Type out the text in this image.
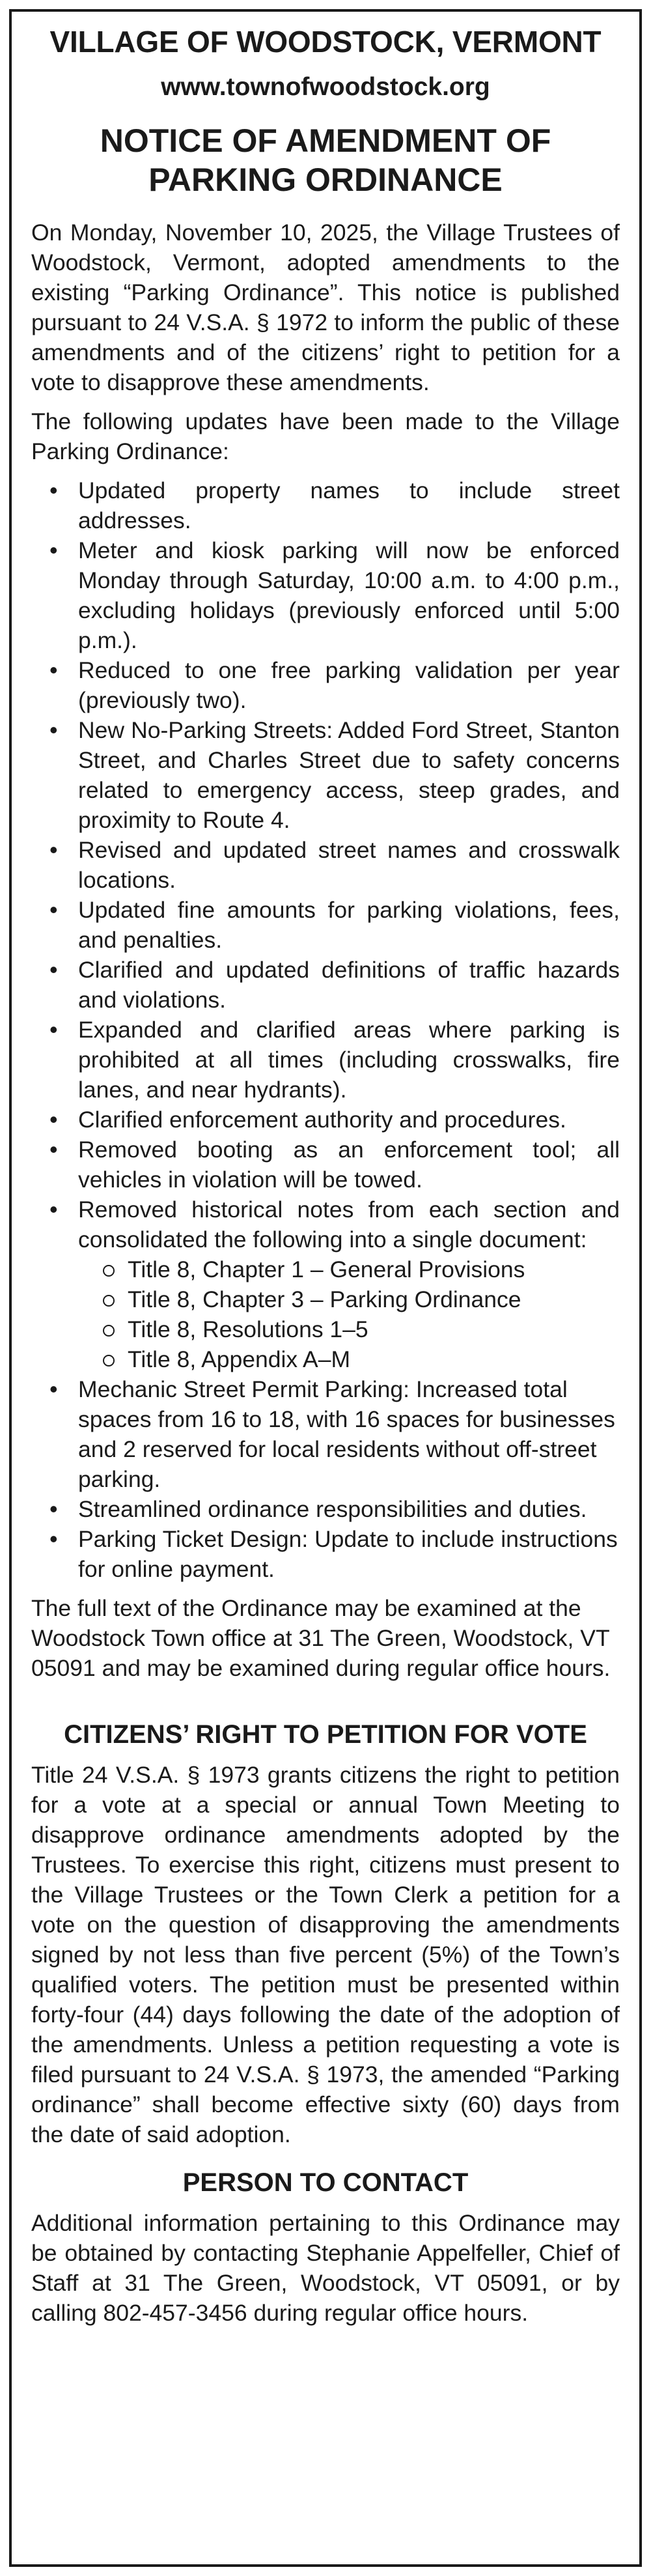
VILLAGE OF WOODSTOCK, VERMONT
www.townofwoodstock.org
NOTICE OF AMENDMENT OF
PARKING ORDINANCE

On Monday, November 10, 2025, the Village Trustees of Woodstock, Vermont, adopted amendments to the existing “Parking Ordinance”. This notice is published pursuant to 24 V.S.A. § 1972 to inform the public of these amendments and of the citizens’ right to petition for a vote to disapprove these amendments.

The following updates have been made to the Village Parking Ordinance:

• Updated property names to include street addresses.
• Meter and kiosk parking will now be enforced Monday through Saturday, 10:00 a.m. to 4:00 p.m., excluding holidays (previously enforced until 5:00 p.m.).
• Reduced to one free parking validation per year (previously two).
• New No-Parking Streets: Added Ford Street, Stanton Street, and Charles Street due to safety concerns related to emergency access, steep grades, and proximity to Route 4.
• Revised and updated street names and crosswalk locations.
• Updated fine amounts for parking violations, fees, and penalties.
• Clarified and updated definitions of traffic hazards and violations.
• Expanded and clarified areas where parking is prohibited at all times (including crosswalks, fire lanes, and near hydrants).
• Clarified enforcement authority and procedures.
• Removed booting as an enforcement tool; all vehicles in violation will be towed.
• Removed historical notes from each section and consolidated the following into a single document:
Title 8, Chapter 1 – General Provisions
Title 8, Chapter 3 – Parking Ordinance
Title 8, Resolutions 1–5
Title 8, Appendix A–M
• Mechanic Street Permit Parking: Increased total spaces from 16 to 18, with 16 spaces for businesses and 2 reserved for local residents without off-street parking.
• Streamlined ordinance responsibilities and duties.
• Parking Ticket Design: Update to include instructions for online payment.

The full text of the Ordinance may be examined at the Woodstock Town office at 31 The Green, Woodstock, VT 05091 and may be examined during regular office hours.

CITIZENS’ RIGHT TO PETITION FOR VOTE

Title 24 V.S.A. § 1973 grants citizens the right to petition for a vote at a special or annual Town Meeting to disapprove ordinance amendments adopted by the Trustees. To exercise this right, citizens must present to the Village Trustees or the Town Clerk a petition for a vote on the question of disapproving the amendments signed by not less than five percent (5%) of the Town’s qualified voters. The petition must be presented within forty-four (44) days following the date of the adoption of the amendments. Unless a petition requesting a vote is filed pursuant to 24 V.S.A. § 1973, the amended “Parking ordinance” shall become effective sixty (60) days from the date of said adoption.

PERSON TO CONTACT

Additional information pertaining to this Ordinance may be obtained by contacting Stephanie Appelfeller, Chief of Staff at 31 The Green, Woodstock, VT 05091, or by calling 802-457-3456 during regular office hours.
